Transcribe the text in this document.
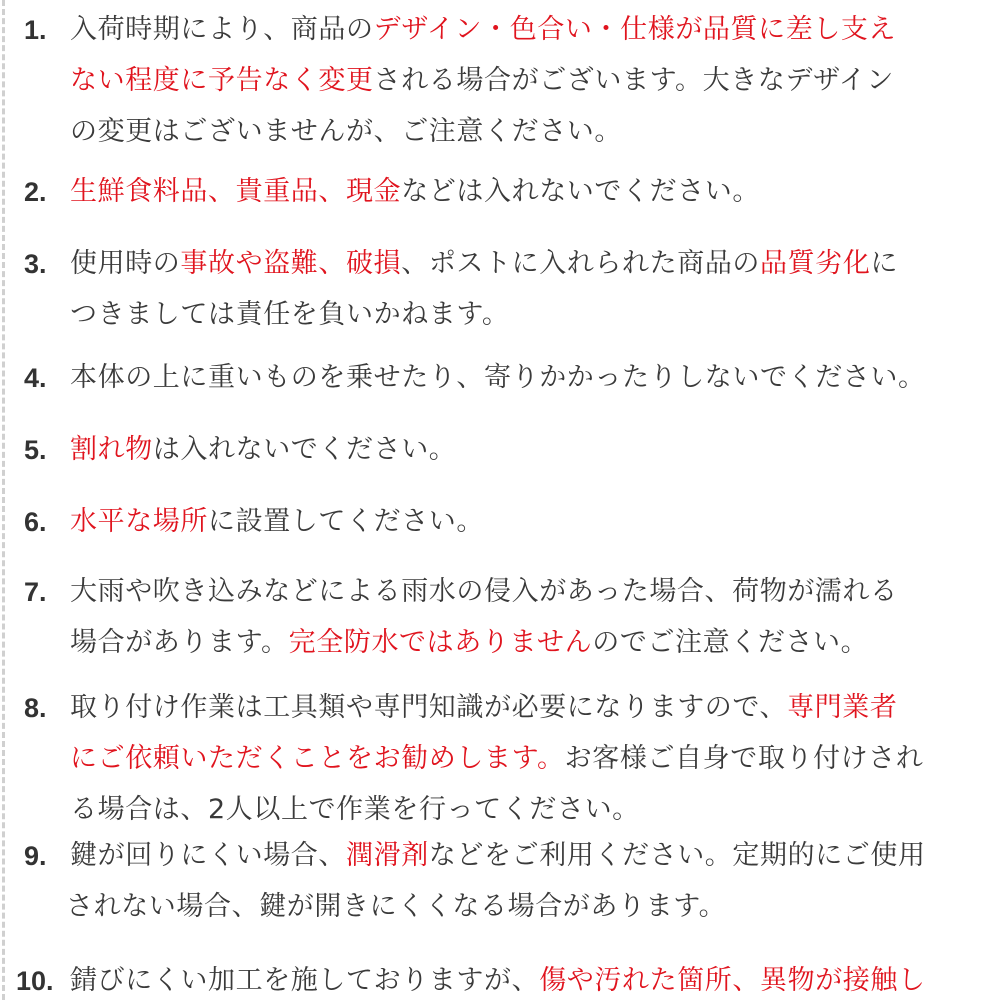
1. 入荷時期により、商品のデザイン・色合い・仕様が品質に差し支え
ない程度に予告なく変更される場合がございます。大きなデザイン
の変更はございませんが、ご注意ください。
2. 生鮮食料品、貴重品、現金などは入れないでください。
3. 使用時の事故や盗難、破損、ポストに入れられた商品の品質劣化に
つきましては責任を負いかねます。
4. 本体の上に重いものを乗せたり、寄りかかったりしないでください。
5. 割れ物は入れないでください。
6. 水平な場所に設置してください。
7. 大雨や吹き込みなどによる雨水の侵入があった場合、荷物が濡れる
場合があります。完全防水ではありませんのでご注意ください。
8. 取り付け作業は工具類や専門知識が必要になりますので、専門業者
にご依頼いただくことをお勧めします。お客様ご自身で取り付けされ
る場合は、2人以上で作業を行ってください。
9. 鍵が回りにくい場合、潤滑剤などをご利用ください。定期的にご使用
されない場合、鍵が開きにくくなる場合があります。
10. 錆びにくい加工を施しておりますが、傷や汚れた箇所、異物が接触し
